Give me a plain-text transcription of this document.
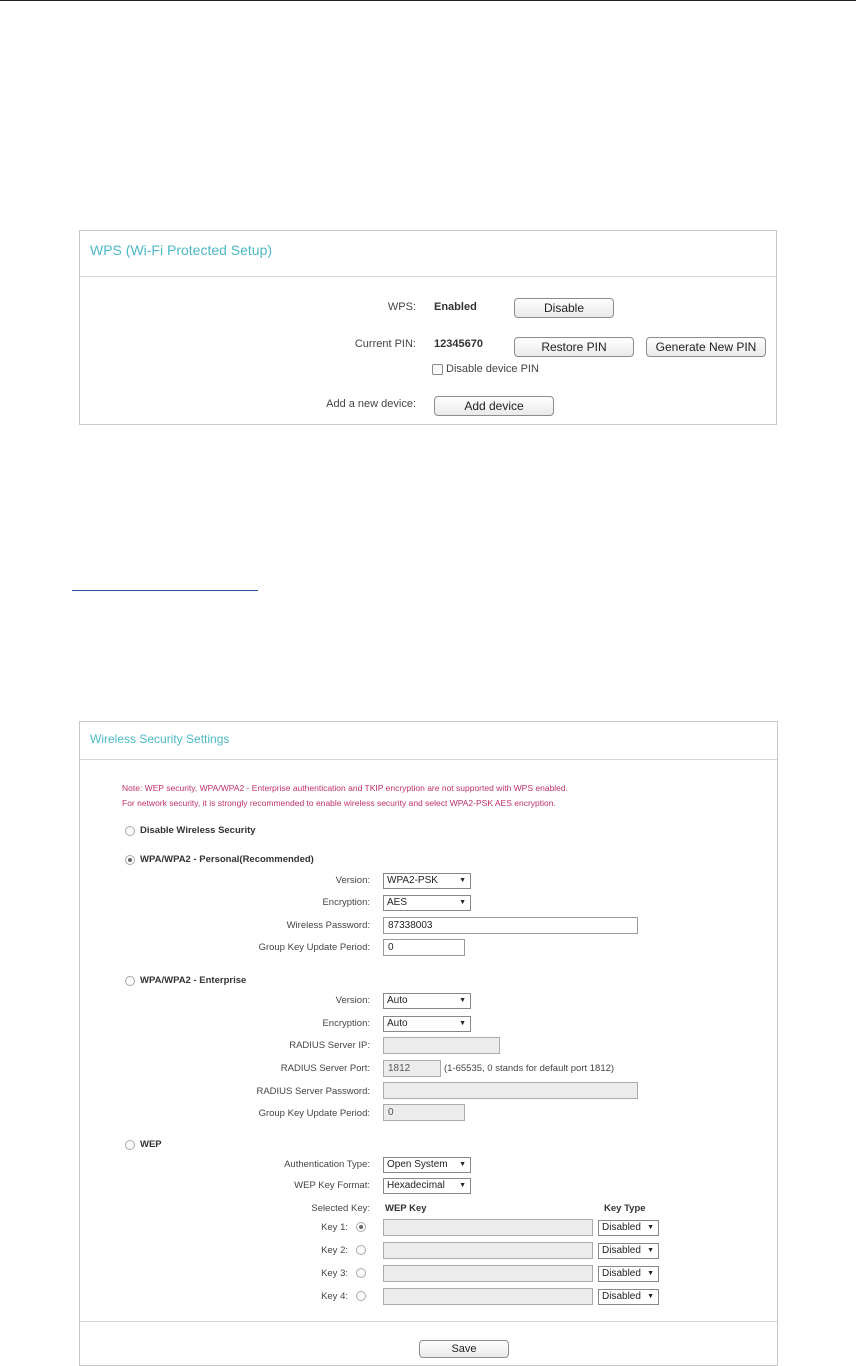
WPS (Wi-Fi Protected Setup)
WPS: Enabled	Disable
Current PIN: 12345670	Restore PIN	Generate New PIN
Disable device PIN
Add a new device:	Add device
Wireless Security Settings
Note: WEP security, WPA/WPA2 - Enterprise authentication and TKIP encryption are not supported with WPS enabled.
For network security, it is strongly recommended to enable wireless security and select WPA2-PSK AES encryption.
Disable Wireless Security
WPA/WPA2 - Personal(Recommended)
Version:	WPA2-PSK	▼
Encryption:	AES	▼
Wireless Password:	87338003
Group Key Update Period:	0
WPA/WPA2 - Enterprise
Version:	Auto	▼
Encryption:	Auto	▼
RADIUS Server IP:
RADIUS Server Port:	1812	(1-65535, 0 stands for default port 1812)
RADIUS Server Password:
Group Key Update Period:	0
WEP
Authentication Type:	Open System ▼
WEP Key Format:	Hexadecimal ▼
Selected Key: WEP Key	Key Type
Key 1:	Disabled ▼
Key 2:	Disabled ▼
Key 3:	Disabled ▼
Key 4:	Disabled ▼
Save
